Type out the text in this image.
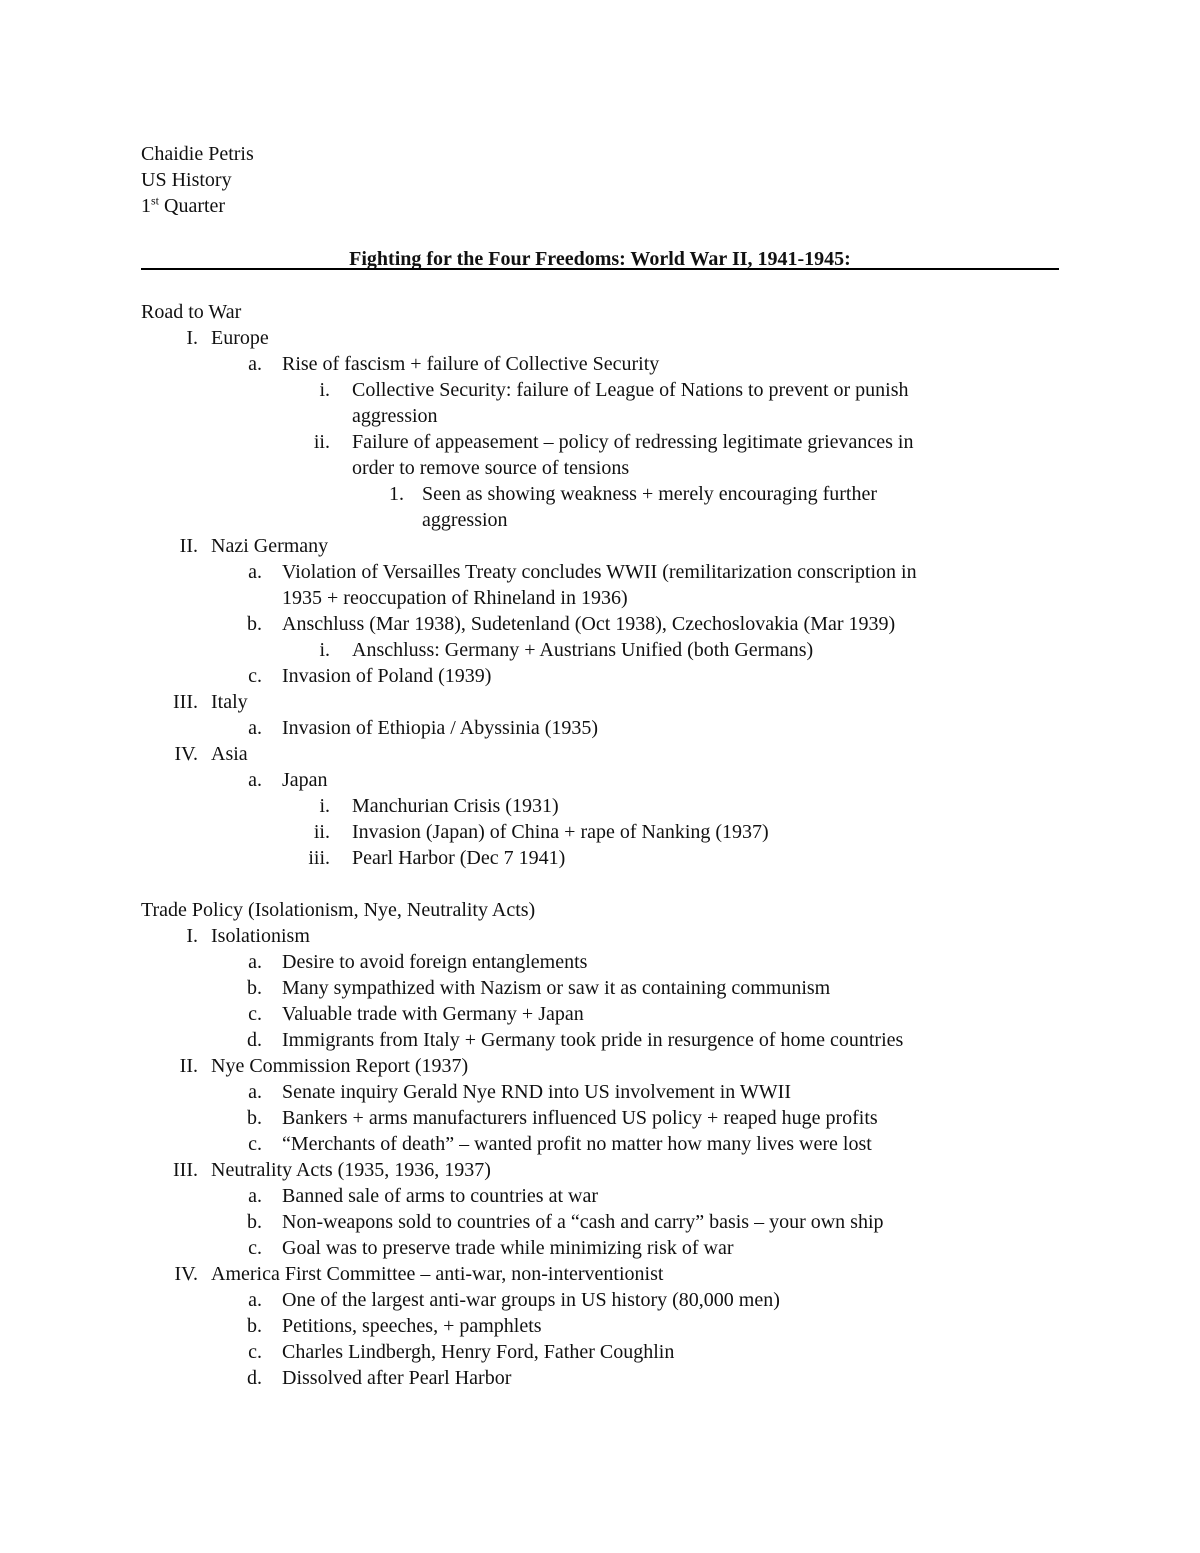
Chaidie Petris
US History
1st Quarter
Fighting for the Four Freedoms: World War II, 1941-1945:
Road to War
I. Europe
a. Rise of fascism + failure of Collective Security
i. Collective Security: failure of League of Nations to prevent or punish
aggression
ii. Failure of appeasement – policy of redressing legitimate grievances in
order to remove source of tensions
1. Seen as showing weakness + merely encouraging further
aggression
II. Nazi Germany
a. Violation of Versailles Treaty concludes WWII (remilitarization conscription in
1935 + reoccupation of Rhineland in 1936)
b. Anschluss (Mar 1938), Sudetenland (Oct 1938), Czechoslovakia (Mar 1939)
i. Anschluss: Germany + Austrians Unified (both Germans)
c. Invasion of Poland (1939)
III. Italy
a. Invasion of Ethiopia / Abyssinia (1935)
IV. Asia
a. Japan
i. Manchurian Crisis (1931)
ii. Invasion (Japan) of China + rape of Nanking (1937)
iii. Pearl Harbor (Dec 7 1941)
Trade Policy (Isolationism, Nye, Neutrality Acts)
I. Isolationism
a. Desire to avoid foreign entanglements
b. Many sympathized with Nazism or saw it as containing communism
c. Valuable trade with Germany + Japan
d. Immigrants from Italy + Germany took pride in resurgence of home countries
II. Nye Commission Report (1937)
a. Senate inquiry Gerald Nye RND into US involvement in WWII
b. Bankers + arms manufacturers influenced US policy + reaped huge profits
c. “Merchants of death” – wanted profit no matter how many lives were lost
III. Neutrality Acts (1935, 1936, 1937)
a. Banned sale of arms to countries at war
b. Non-weapons sold to countries of a “cash and carry” basis – your own ship
c. Goal was to preserve trade while minimizing risk of war
IV. America First Committee – anti-war, non-interventionist
a. One of the largest anti-war groups in US history (80,000 men)
b. Petitions, speeches, + pamphlets
c. Charles Lindbergh, Henry Ford, Father Coughlin
d. Dissolved after Pearl Harbor
